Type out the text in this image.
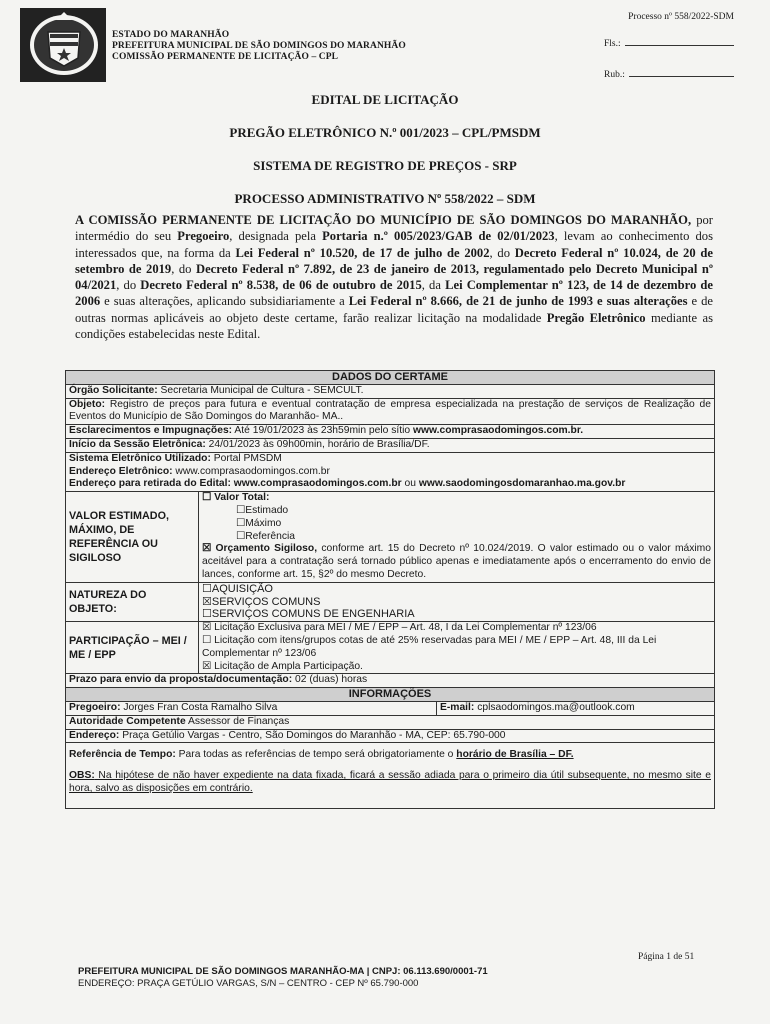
ESTADO DO MARANHÃO
PREFEITURA MUNICIPAL DE SÃO DOMINGOS DO MARANHÃO
COMISSÃO PERMANENTE DE LICITAÇÃO – CPL
Processo nº 558/2022-SDM
Fls.:
Rub.:
EDITAL DE LICITAÇÃO
PREGÃO ELETRÔNICO N.º 001/2023 – CPL/PMSDM
SISTEMA DE REGISTRO DE PREÇOS - SRP
PROCESSO ADMINISTRATIVO Nº 558/2022 – SDM
A COMISSÃO PERMANENTE DE LICITAÇÃO DO MUNICÍPIO DE SÃO DOMINGOS DO MARANHÃO, por intermédio do seu Pregoeiro, designada pela Portaria n.º 005/2023/GAB de 02/01/2023, levam ao conhecimento dos interessados que, na forma da Lei Federal nº 10.520, de 17 de julho de 2002, do Decreto Federal nº 10.024, de 20 de setembro de 2019, do Decreto Federal nº 7.892, de 23 de janeiro de 2013, regulamentado pelo Decreto Municipal nº 04/2021, do Decreto Federal nº 8.538, de 06 de outubro de 2015, da Lei Complementar nº 123, de 14 de dezembro de 2006 e suas alterações, aplicando subsidiariamente a Lei Federal nº 8.666, de 21 de junho de 1993 e suas alterações e de outras normas aplicáveis ao objeto deste certame, farão realizar licitação na modalidade Pregão Eletrônico mediante as condições estabelecidas neste Edital.
DADOS DO CERTAME		
Órgão Solicitante: Secretaria Municipal de Cultura - SEMCULT.		
Objeto: Registro de preços para futura e eventual contratação de empresa especializada na prestação de serviços de Realização de Eventos do Município de São Domingos do Maranhão- MA..		
Esclarecimentos e Impugnações: Até 19/01/2023 às 23h59min pelo sítio www.comprasaodomingos.com.br.		
Início da Sessão Eletrônica: 24/01/2023 às 09h00min, horário de Brasília/DF.		

Sistema Eletrônico Utilizado: Portal PMSDM
Endereço Eletrônico: www.comprasaodomingos.com.br
Endereço para retirada do Edital: www.comprasaodomingos.com.br ou www.saodomingosdomaranhao.ma.gov.br		

VALOR ESTIMADO, MÁXIMO, DE REFERÊNCIA OU SIGILOSO	☐ Valor Total:
☐Estimado
☐Máximo
☐Referência
☒ Orçamento Sigiloso, conforme art. 15 do Decreto nº 10.024/2019. O valor estimado ou o valor máximo aceitável para a contratação será tornado público apenas e imediatamente após o encerramento do envio de lances, conforme art. 15, §2º do mesmo Decreto.	

NATUREZA DO OBJETO:	☐AQUISIÇÃO
☒SERVIÇOS COMUNS
☐SERVIÇOS COMUNS DE ENGENHARIA	

PARTICIPAÇÃO – MEI / ME / EPP	☒ Licitação Exclusiva para MEI / ME / EPP – Art. 48, I da Lei Complementar nº 123/06
☐ Licitação com itens/grupos cotas de até 25% reservadas para MEI / ME / EPP – Art. 48, III da Lei Complementar nº 123/06
☒ Licitação de Ampla Participação.	

Prazo para envio da proposta/documentação: 02 (duas) horas		
INFORMAÇÕES		
Pregoeiro: Jorges Fran Costa Ramalho Silva		E-mail: cplsaodomingos.ma@outlook.com
Autoridade Competente Assessor de Finanças		
Endereço: Praça Getúlio Vargas - Centro, São Domingos do Maranhão - MA, CEP: 65.790-000		

Referência de Tempo: Para todas as referências de tempo será obrigatoriamente o horário de Brasília – DF.
OBS: Na hipótese de não haver expediente na data fixada, ficará a sessão adiada para o primeiro dia útil subsequente, no mesmo site e hora, salvo as disposições em contrário.		
Página 1 de 51
PREFEITURA MUNICIPAL DE SÃO DOMINGOS MARANHÃO-MA | CNPJ: 06.113.690/0001-71
ENDEREÇO: PRAÇA GETÚLIO VARGAS, S/N – CENTRO - CEP Nº 65.790-000
